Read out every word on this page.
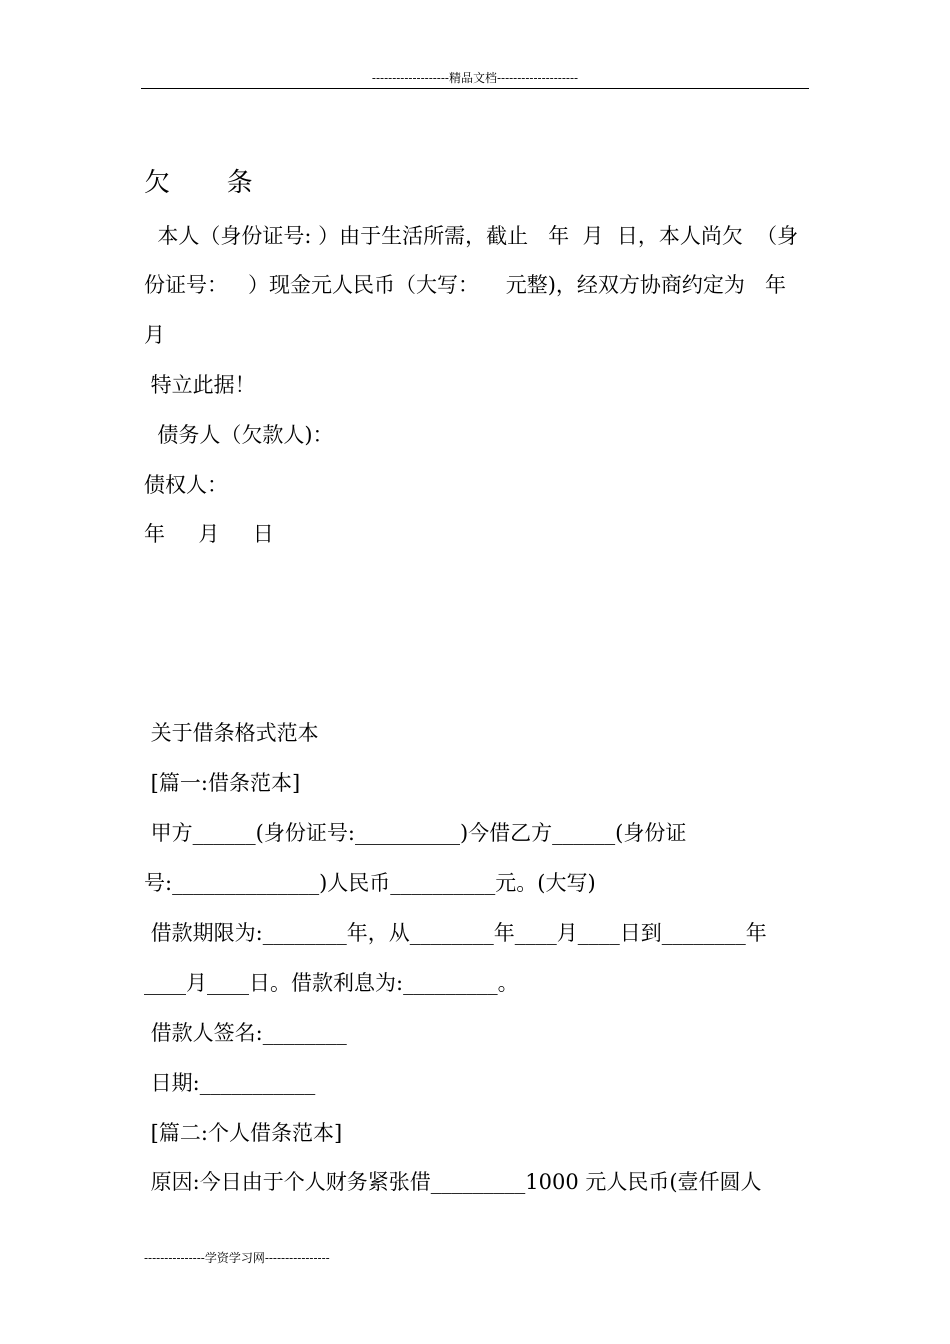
-------------------精品文档--------------------
欠      条
本人（身份证号: ）由于生活所需，截止   年  月  日，本人尚欠  （身
份证号：   ）现金元人民币（大写：    元整)，经双方协商约定为   年
月
特立此据！
债务人（欠款人)：
债权人：
年     月     日
关于借条格式范本
[篇一:借条范本]
甲方______(身份证号:__________)今借乙方______(身份证
号:______________)人民币__________元。(大写)
借款期限为:________年，从________年____月____日到________年
____月____日。借款利息为:_________。
借款人签名:________
日期:___________
[篇二:个人借条范本]
原因:今日由于个人财务紧张借_________1000 元人民币(壹仟圆人
---------------学资学习网----------------
